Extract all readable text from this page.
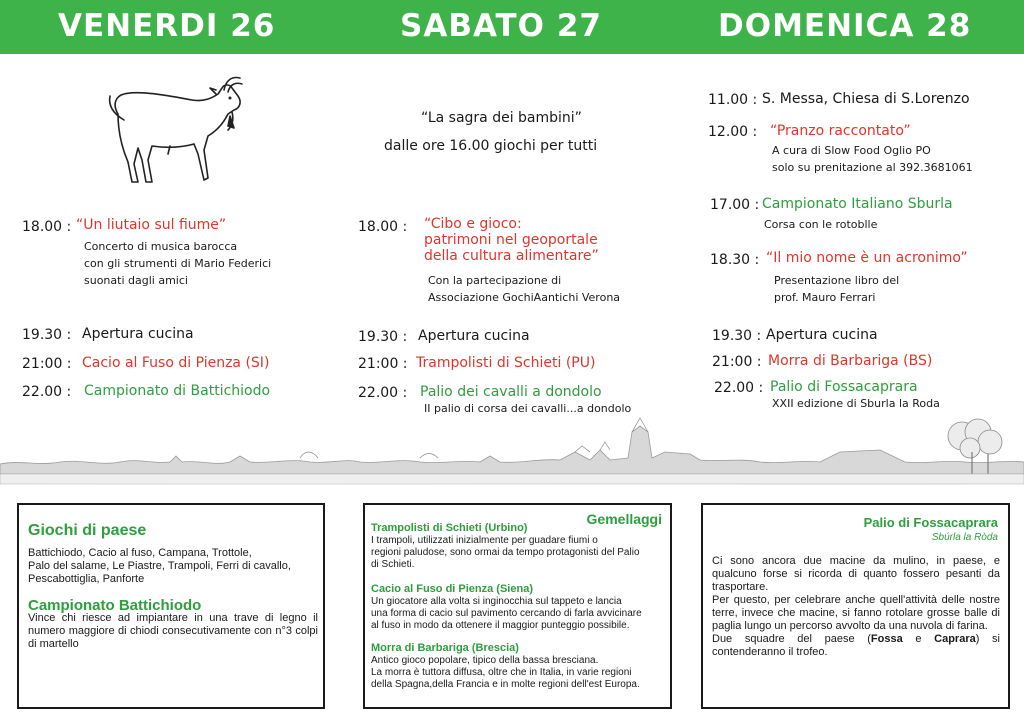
VENERDI 26	SABATO 27	DOMENICA 28
18.00 : “Un liutaio sul fiume”
Concerto di musica barocca
con gli strumenti di Mario Federici
suonati dagli amici
19.30 : Apertura cucina
21:00 : Cacio al Fuso di Pienza (SI)
22.00 : Campionato di Battichiodo
“La sagra dei bambini”
dalle ore 16.00 giochi per tutti
18.00 : “Cibo e gioco:
patrimoni nel geoportale
della cultura alimentare”
Con la partecipazione di
Associazione GochiAantichi Verona
19.30 : Apertura cucina
21:00 : Trampolisti di Schieti (PU)
22.00 : Palio dei cavalli a dondolo
II palio di corsa dei cavalli...a dondolo
11.00 : S. Messa, Chiesa di S.Lorenzo
12.00 : “Pranzo raccontato”
A cura di Slow Food Oglio PO
solo su prenitazione al 392.3681061
17.00 : Campionato Italiano Sburla
Corsa con le rotoblle
18.30 : “Il mio nome è un acronimo”
Presentazione libro del
prof. Mauro Ferrari
19.30 : Apertura cucina
21:00 : Morra di Barbariga (BS)
22.00 : Palio di Fossacaprara
XXII edizione di Sburla la Roda
Giochi di paese
Battichiodo, Cacio al fuso, Campana, Trottole,
Palo del salame, Le Piastre, Trampoli, Ferri di cavallo,
Pescabottiglia, Panforte
Campionato Battichiodo
Vince chi riesce ad impiantare in una trave di legno il numero maggiore di chiodi consecutivamente con n°3 colpi di martello
Gemellaggi
Trampolisti di Schieti (Urbino)
I trampoli, utilizzati inizialmente per guadare fiumi o
regioni paludose, sono ormai da tempo protagonisti del Palio
di Schieti.
Cacio al Fuso di Pienza (Siena)
Un giocatore alla volta si inginocchia sul tappeto e lancia
una forma di cacio sul pavimento cercando di farla avvicinare
al fuso in modo da ottenere il maggior punteggio possibile.
Morra di Barbariga (Brescia)
Antico gioco popolare, tipico della bassa bresciana.
La morra è tuttora diffusa, oltre che in Italia, in varie regioni
della Spagna,della Francia e in molte regioni dell'est Europa.
Palio di Fossacaprara
Sbúrla la Ròda
Ci sono ancora due macine da mulino, in paese, e qualcuno forse si ricorda di quanto fossero pesanti da trasportare.
Per questo, per celebrare anche quell'attività delle nostre terre, invece che macine, si fanno rotolare grosse balle di paglia lungo un percorso avvolto da una nuvola di farina.
Due squadre del paese (Fossa e Caprara) si contenderanno il trofeo.
